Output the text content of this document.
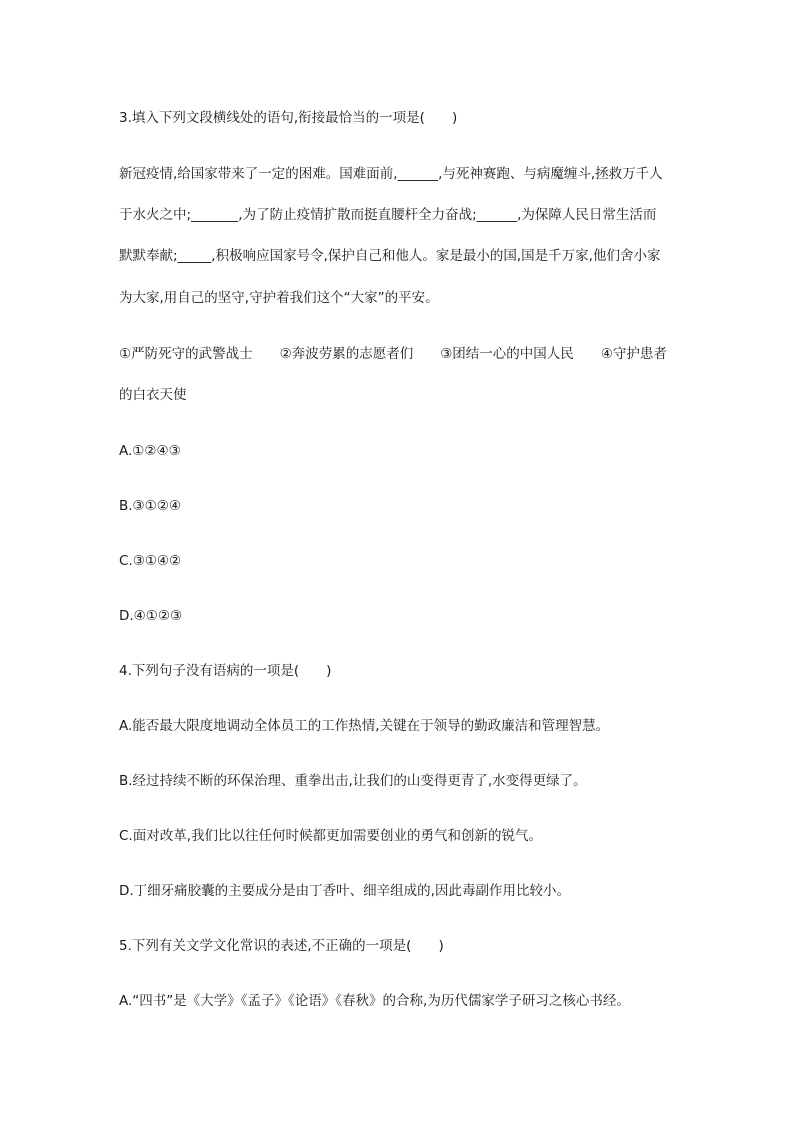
3.填入下列文段横线处的语句,衔接最恰当的一项是(　　)
新冠疫情,给国家带来了一定的困难。国难面前,______,与死神赛跑、与病魔缠斗,拯救万千人
于水火之中;_______,为了防止疫情扩散而挺直腰杆全力奋战;______,为保障人民日常生活而
默默奉献;_____,积极响应国家号令,保护自己和他人。家是最小的国,国是千万家,他们舍小家
为大家,用自己的坚守,守护着我们这个“大家”的平安。
①严防死守的武警战士　　②奔波劳累的志愿者们　　③团结一心的中国人民　　④守护患者
的白衣天使
A.①②④③
B.③①②④
C.③①④②
D.④①②③
4.下列句子没有语病的一项是(　　)
A.能否最大限度地调动全体员工的工作热情,关键在于领导的勤政廉洁和管理智慧。
B.经过持续不断的环保治理、重拳出击,让我们的山变得更青了,水变得更绿了。
C.面对改革,我们比以往任何时候都更加需要创业的勇气和创新的锐气。
D.丁细牙痛胶囊的主要成分是由丁香叶、细辛组成的,因此毒副作用比较小。
5.下列有关文学文化常识的表述,不正确的一项是(　　)
A.“四书”是《大学》《孟子》《论语》《春秋》的合称,为历代儒家学子研习之核心书经。
